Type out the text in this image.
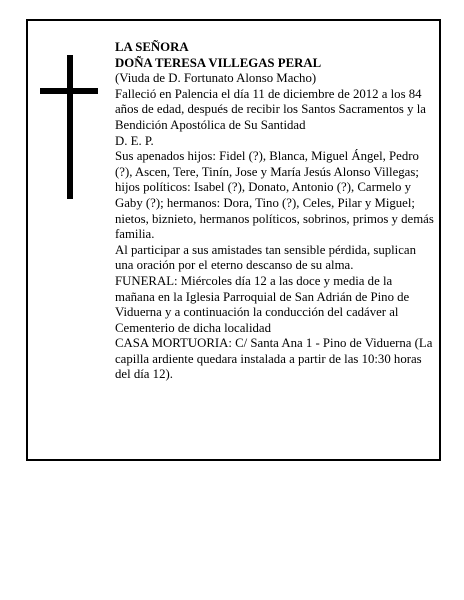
LA SEÑORA

DOÑA TERESA VILLEGAS PERAL

(Viuda de D. Fortunato Alonso Macho)

Falleció en Palencia el día 11 de diciembre de 2012 a los 84 años de edad, después de recibir los Santos Sacramentos y la Bendición Apostólica de Su Santidad

D. E. P.

Sus apenados hijos: Fidel (?), Blanca, Miguel Ángel, Pedro (?), Ascen, Tere, Tinín, Jose y María Jesús Alonso Villegas; hijos políticos: Isabel (?), Donato, Antonio (?), Carmelo y Gaby (?); hermanos: Dora, Tino (?), Celes, Pilar y Miguel; nietos, biznieto, hermanos políticos, sobrinos, primos y demás familia.

Al participar a sus amistades tan sensible pérdida, suplican una oración por el eterno descanso de su alma.

FUNERAL: Miércoles día 12 a las doce y media de la mañana en la Iglesia Parroquial de San Adrián de Pino de Viduerna y a continuación la conducción del cadáver al Cementerio de dicha localidad

CASA MORTUORIA: C/ Santa Ana 1 - Pino de Viduerna (La capilla ardiente quedara instalada a partir de las 10:30 horas del día 12).
